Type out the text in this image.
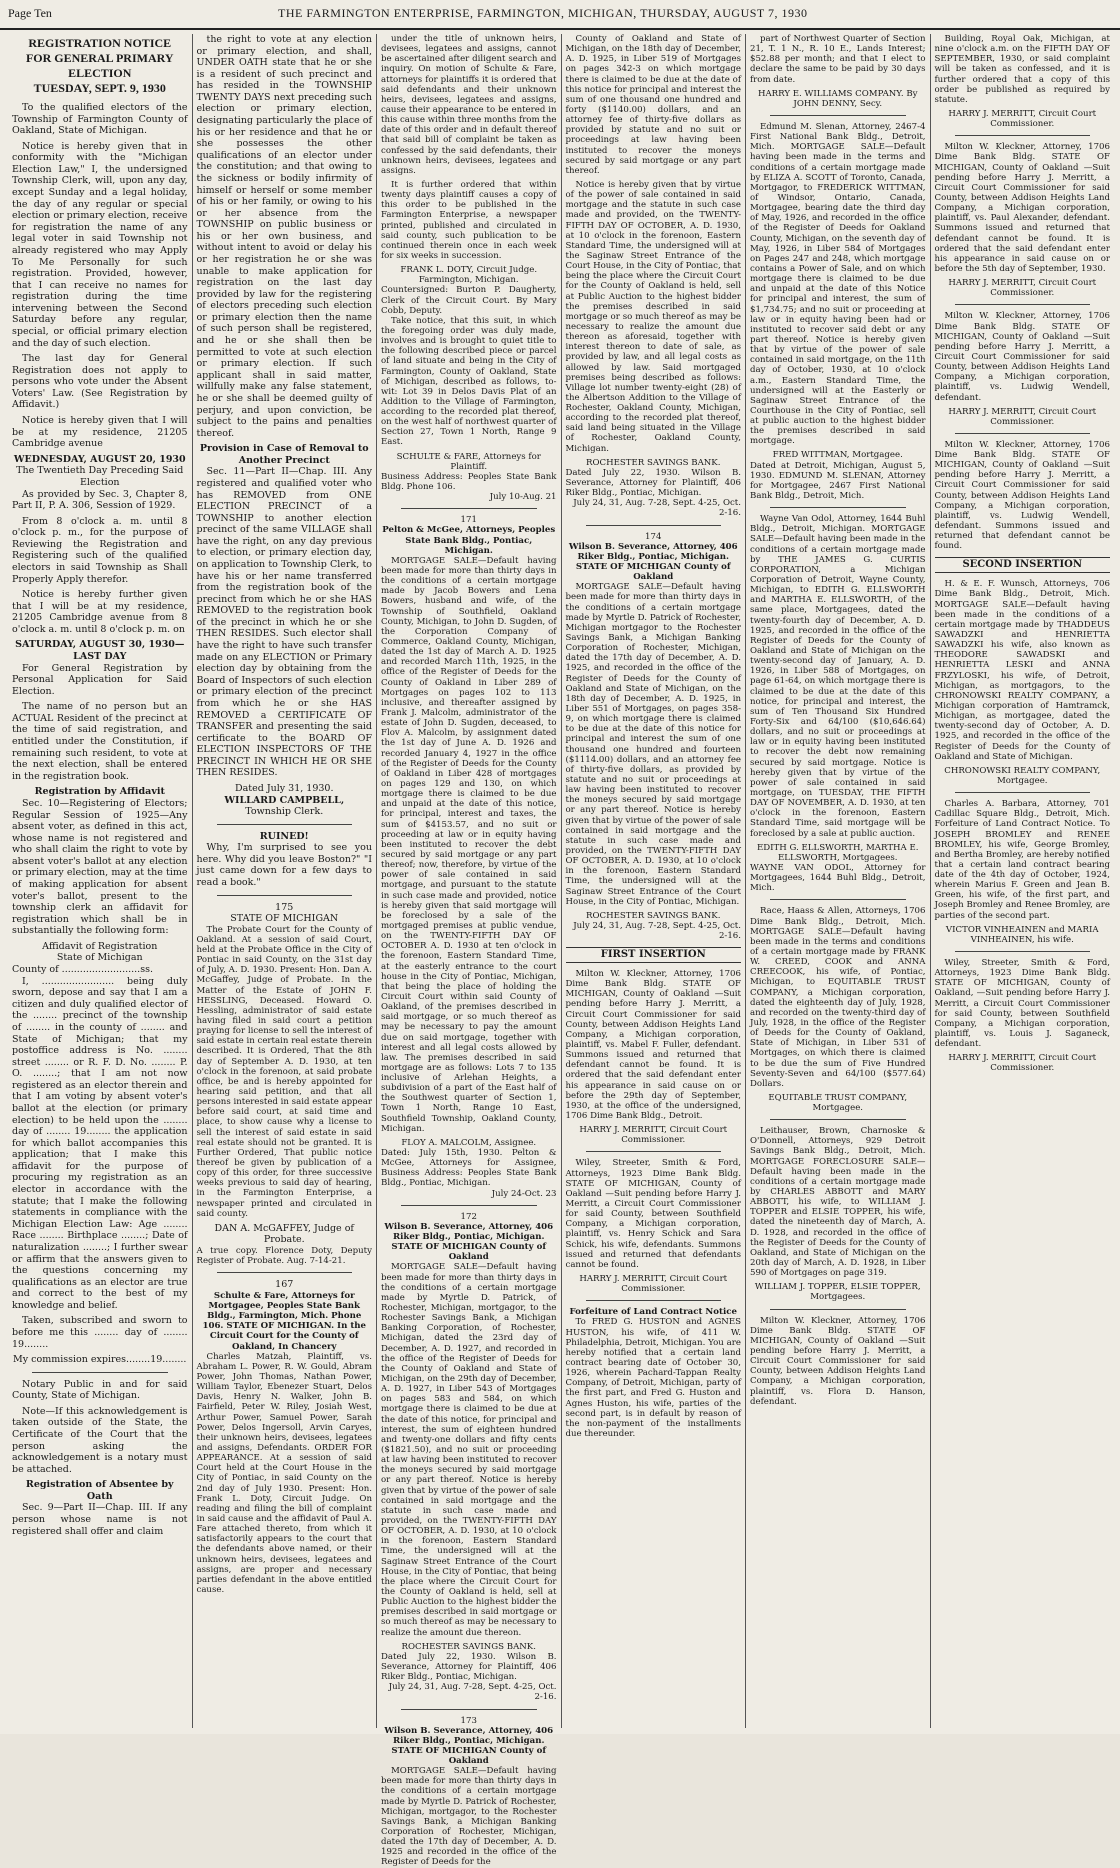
Page Ten	THE FARMINGTON ENTERPRISE, FARMINGTON, MICHIGAN, THURSDAY, AUGUST 7, 1930
REGISTRATION NOTICE
FOR GENERAL PRIMARY ELECTION
TUESDAY, SEPT. 9, 1930

To the qualified electors of the Township of Farmington County of Oakland, State of Michigan.

Notice is hereby given that in conformity with the "Michigan Election Law," I, the undersigned Township Clerk, will, upon any day, except Sunday and a legal holiday, the day of any regular or special election or primary election, receive for registration the name of any legal voter in said Township not already registered who may Apply To Me Personally for such registration. Provided, however, that I can receive no names for registration during the time intervening between the Second Saturday before any regular, special, or official primary election and the day of such election.

The last day for General Registration does not apply to persons who vote under the Absent Voters' Law. (See Registration by Affidavit.)

Notice is hereby given that I will be at my residence, 21205 Cambridge avenue

WEDNESDAY, AUGUST 20, 1930
The Twentieth Day Preceding Said Election

As provided by Sec. 3, Chapter 8, Part II, P. A. 306, Session of 1929.

From 8 o'clock a. m. until 8 o'clock p. m., for the purpose of Reviewing the Registration and Registering such of the qualified electors in said Township as Shall Properly Apply therefor.

Notice is hereby further given that I will be at my residence, 21205 Cambridge avenue from 8 o'clock a. m. until 8 o'clock p. m. on

SATURDAY, AUGUST 30, 1930—LAST DAY

For General Registration by Personal Application for Said Election.

The name of no person but an ACTUAL Resident of the precinct at the time of said registration, and entitled under the Constitution, if remaining such resident, to vote at the next election, shall be entered in the registration book.

Registration by Affidavit

Sec. 10—Registering of Electors; Regular Session of 1925—Any absent voter, as defined in this act, whose name is not registered and who shall claim the right to vote by absent voter's ballot at any election or primary election, may at the time of making application for absent voter's ballot, present to the township clerk an affidavit for registration which shall be in substantially the following form:

Affidavit of Registration
State of Michigan
County of ..........................ss.

I, ........................ being duly sworn, depose and say that I am a citizen and duly qualified elector of the ........ precinct of the township of ........ in the county of ........ and State of Michigan; that my postoffice address is No. ........ street ........ or R. F. D. No. ........ P. O. ........; that I am not now registered as an elector therein and that I am voting by absent voter's ballot at the election (or primary election) to be held upon the ........ day of ........ 19........ the application for which ballot accompanies this application; that I make this affidavit for the purpose of procuring my registration as an elector in accordance with the statute; that I make the following statements in compliance with the Michigan Election Law: Age ........ Race ........ Birthplace ........; Date of naturalization ........; I further swear or affirm that the answers given to the questions concerning my qualifications as an elector are true and correct to the best of my knowledge and belief.

Taken, subscribed and sworn to before me this ........ day of ........ 19........

My commission expires........19........

Notary Public in and for said County, State of Michigan.

Note—If this acknowledgement is taken outside of the State, the Certificate of the Court that the person asking the acknowledgement is a notary must be attached.

Registration of Absentee by Oath

Sec. 9—Part II—Chap. III. If any person whose name is not registered shall offer and claim

the right to vote at any election or primary election, and shall, UNDER OATH state that he or she is a resident of such precinct and has resided in the TOWNSHIP TWENTY DAYS next preceding such election or primary election, designating particularly the place of his or her residence and that he or she possesses the other qualifications of an elector under the constitution; and that owing to the sickness or bodily infirmity of himself or herself or some member of his or her family, or owing to his or her absence from the TOWNSHIP on public business or his or her own business, and without intent to avoid or delay his or her registration he or she was unable to make application for registration on the last day provided by law for the registering of electors preceding such election or primary election then the name of such person shall be registered, and he or she shall then be permitted to vote at such election or primary election. If such applicant shall in said matter, willfully make any false statement, he or she shall be deemed guilty of perjury, and upon conviction, be subject to the pains and penalties thereof.

Provision in Case of Removal to Another Precinct

Sec. 11—Part II—Chap. III. Any registered and qualified voter who has REMOVED from ONE ELECTION PRECINCT of a TOWNSHIP to another election precinct of the same VILLAGE shall have the right, on any day previous to election, or primary election day, on application to Township Clerk, to have his or her name transferred from the registration book of the precinct from which he or she HAS REMOVED to the registration book of the precinct in which he or she THEN RESIDES. Such elector shall have the right to have such transfer made on any ELECTION or Primary election day by obtaining from the Board of Inspectors of such election or primary election of the precinct from which he or she HAS REMOVED a CERTIFICATE OF TRANSFER and presenting the said certificate to the BOARD OF ELECTION INSPECTORS OF THE PRECINCT IN WHICH HE OR SHE THEN RESIDES.

Dated July 31, 1930.
WILLARD CAMPBELL,
Township Clerk.
RUINED!

Why, I'm surprised to see you here. Why did you leave Boston?" "I just came down for a few days to read a book."

175
STATE OF MICHIGAN

The Probate Court for the County of Oakland. At a session of said Court, held at the Probate Office in the City of Pontiac in said County, on the 31st day of July, A. D. 1930. Present: Hon. Dan A. McGaffey, Judge of Probate. In the Matter of the Estate of JOHN F. HESSLING, Deceased. Howard O. Hessling, administrator of said estate having filed in said court a petition praying for license to sell the interest of said estate in certain real estate therein described. It is Ordered, That the 8th day of September A. D. 1930, at ten o'clock in the forenoon, at said probate office, be and is hereby appointed for hearing said petition, and that all persons interested in said estate appear before said court, at said time and place, to show cause why a license to sell the interest of said estate in said real estate should not be granted. It is Further Ordered, That public notice thereof be given by publication of a copy of this order, for three successive weeks previous to said day of hearing, in the Farmington Enterprise, a newspaper printed and circulated in said county.

DAN A. McGAFFEY, Judge of Probate.
A true copy. Florence Doty, Deputy Register of Probate. Aug. 7-14-21.
167
Schulte & Fare, Attorneys for Mortgagee, Peoples State Bank Bldg., Farmington, Mich. Phone 106. STATE OF MICHIGAN. In the Circuit Court for the County of Oakland, In Chancery

Charles Matzah, Plaintiff, vs. Abraham L. Power, R. W. Gould, Abram Power, John Thomas, Nathan Power, William Taylor, Ebenezer Stuart, Delos Davis, Henry N. Walker, John B. Fairfield, Peter W. Riley, Josiah West, Arthur Power, Samuel Power, Sarah Power, Delos Ingersoll, Arvin Caryes, their unknown heirs, devisees, legatees and assigns, Defendants. ORDER FOR APPEARANCE. At a session of said Court held at the Court House in the City of Pontiac, in said County on the 2nd day of July 1930. Present: Hon. Frank L. Doty, Circuit Judge. On reading and filing the bill of complaint in said cause and the affidavit of Paul A. Fare attached thereto, from which it satisfactorily appears to the court that the defendants above named, or their unknown heirs, devisees, legatees and assigns, are proper and necessary parties defendant in the above entitled cause.

under the title of unknown heirs, devisees, legatees and assigns, cannot be ascertained after diligent search and inquiry. On motion of Schulte & Fare, attorneys for plaintiffs it is ordered that said defendants and their unknown heirs, devisees, legatees and assigns, cause their appearance to be entered in this cause within three months from the date of this order and in default thereof that said bill of complaint be taken as confessed by the said defendants, their unknown heirs, devisees, legatees and assigns.

It is further ordered that within twenty days plaintiff causes a copy of this order to be published in the Farmington Enterprise, a newspaper printed, published and circulated in said county, such publication to be continued therein once in each week for six weeks in succession.

FRANK L. DOTY, Circuit Judge. Farmington, Michigan.
Countersigned: Burton P. Daugherty, Clerk of the Circuit Court. By Mary Cobb, Deputy.

Take notice, that this suit, in which the foregoing order was duly made, involves and is brought to quiet title to the following described piece or parcel of land situate and being in the City of Farmington, County of Oakland, State of Michigan, described as follows, to-wit: Lot 39 in Delos Davis Plat of an Addition to the Village of Farmington, according to the recorded plat thereof, on the west half of northwest quarter of Section 27, Town 1 North, Range 9 East.

SCHULTE & FARE, Attorneys for Plaintiff.
Business Address: Peoples State Bank Bldg. Phone 106.
July 10-Aug. 21
171
Pelton & McGee, Attorneys, Peoples State Bank Bldg., Pontiac, Michigan.

MORTGAGE SALE—Default having been made for more than thirty days in the conditions of a certain mortgage made by Jacob Bowers and Lena Bowers, husband and wife, of the Township of Southfield, Oakland County, Michigan, to John D. Sugden, of the Corporation Company of Commerce, Oakland County, Michigan, dated the 1st day of March A. D. 1925 and recorded March 11th, 1925, in the office of the Register of Deeds for the County of Oakland in Liber 289 of Mortgages on pages 102 to 113 inclusive, and thereafter assigned by Frank J. Malcolm, administrator of the estate of John D. Sugden, deceased, to Flov A. Malcolm, by assignment dated the 1st day of June A. D. 1926 and recorded January 4, 1927 in the office of the Register of Deeds for the County of Oakland in Liber 428 of mortgages on pages 129 and 130, on which mortgage there is claimed to be due and unpaid at the date of this notice, for principal, interest and taxes, the sum of $4153.57, and no suit or proceeding at law or in equity having been instituted to recover the debt secured by said mortgage or any part thereof; now, therefore, by virtue of the power of sale contained in said mortgage, and pursuant to the statute in such case made and provided, notice is hereby given that said mortgage will be foreclosed by a sale of the mortgaged premises at public vendue, on the TWENTY-FIFTH DAY OF OCTOBER A. D. 1930 at ten o'clock in the forenoon, Eastern Standard Time, at the easterly entrance to the court house in the City of Pontiac, Michigan, that being the place of holding the Circuit Court within said County of Oakland, of the premises described in said mortgage, or so much thereof as may be necessary to pay the amount due on said mortgage, together with interest and all legal costs allowed by law. The premises described in said mortgage are as follows: Lots 7 to 135 inclusive of Arlehan Heights, a subdivision of a part of the East half of the Southwest quarter of Section 1, Town 1 North, Range 10 East, Southfield Township, Oakland County, Michigan.

FLOY A. MALCOLM, Assignee.
Dated: July 15th, 1930. Pelton & McGee, Attorneys for Assignee, Business Address: Peoples State Bank Bldg., Pontiac, Michigan.
July 24-Oct. 23
172
Wilson B. Severance, Attorney, 406 Riker Bldg., Pontiac, Michigan. STATE OF MICHIGAN County of Oakland

MORTGAGE SALE—Default having been made for more than thirty days in the conditions of a certain mortgage made by Myrtle D. Patrick, of Rochester, Michigan, mortgagor, to the Rochester Savings Bank, a Michigan Banking Corporation, of Rochester, Michigan, dated the 23rd day of December, A. D. 1927, and recorded in the office of the Register of Deeds for the County of Oakland and State of Michigan, on the 29th day of December, A. D. 1927, in Liber 543 of Mortgages on pages 583 and 584, on which mortgage there is claimed to be due at the date of this notice, for principal and interest, the sum of eighteen hundred and twenty-one dollars and fifty cents ($1821.50), and no suit or proceeding at law having been instituted to recover the moneys secured by said mortgage or any part thereof. Notice is hereby given that by virtue of the power of sale contained in said mortgage and the statute in such case made and provided, on the TWENTY-FIFTH DAY OF OCTOBER, A. D. 1930, at 10 o'clock in the forenoon, Eastern Standard Time, the undersigned will at the Saginaw Street Entrance of the Court House, in the City of Pontiac, that being the place where the Circuit Court for the County of Oakland is held, sell at Public Auction to the highest bidder the premises described in said mortgage or so much thereof as may be necessary to realize the amount due thereon.

ROCHESTER SAVINGS BANK.
Dated July 22, 1930. Wilson B. Severance, Attorney for Plaintiff, 406 Riker Bldg., Pontiac, Michigan.
July 24, 31, Aug. 7-28, Sept. 4-25, Oct. 2-16.
173
Wilson B. Severance, Attorney, 406 Riker Bldg., Pontiac, Michigan. STATE OF MICHIGAN County of Oakland

MORTGAGE SALE—Default having been made for more than thirty days in the conditions of a certain mortgage made by Myrtle D. Patrick of Rochester, Michigan, mortgagor, to the Rochester Savings Bank, a Michigan Banking Corporation of Rochester, Michigan, dated the 17th day of December, A. D. 1925 and recorded in the office of the Register of Deeds for the

County of Oakland and State of Michigan, on the 18th day of December, A. D. 1925, in Liber 519 of Mortgages on pages 342-3 on which mortgage there is claimed to be due at the date of this notice for principal and interest the sum of one thousand one hundred and forty ($1140.00) dollars, and an attorney fee of thirty-five dollars as provided by statute and no suit or proceedings at law having been instituted to recover the moneys secured by said mortgage or any part thereof.

Notice is hereby given that by virtue of the power of sale contained in said mortgage and the statute in such case made and provided, on the TWENTY-FIFTH DAY OF OCTOBER, A. D. 1930, at 10 o'clock in the forenoon, Eastern Standard Time, the undersigned will at the Saginaw Street Entrance of the Court House, in the City of Pontiac, that being the place where the Circuit Court for the County of Oakland is held, sell at Public Auction to the highest bidder the premises described in said mortgage or so much thereof as may be necessary to realize the amount due thereon as aforesaid, together with interest thereon to date of sale, as provided by law, and all legal costs as allowed by law. Said mortgaged premises being described as follows: Village lot number twenty-eight (28) of the Albertson Addition to the Village of Rochester, Oakland County, Michigan, according to the recorded plat thereof, said land being situated in the Village of Rochester, Oakland County, Michigan.

ROCHESTER SAVINGS BANK.
Dated July 22, 1930. Wilson B. Severance, Attorney for Plaintiff, 406 Riker Bldg., Pontiac, Michigan.
July 24, 31, Aug. 7-28, Sept. 4-25, Oct. 2-16.
174
Wilson B. Severance, Attorney, 406 Riker Bldg., Pontiac, Michigan. STATE OF MICHIGAN County of Oakland

MORTGAGE SALE—Default having been made for more than thirty days in the conditions of a certain mortgage made by Myrtle D. Patrick of Rochester, Michigan mortgagor to the Rochester Savings Bank, a Michigan Banking Corporation of Rochester, Michigan, dated the 17th day of December, A. D. 1925, and recorded in the office of the Register of Deeds for the County of Oakland and State of Michigan, on the 18th day of December, A. D. 1925, in Liber 551 of Mortgages, on pages 358-9, on which mortgage there is claimed to be due at the date of this notice for principal and interest the sum of one thousand one hundred and fourteen ($1114.00) dollars, and an attorney fee of thirty-five dollars, as provided by statute and no suit or proceedings at law having been instituted to recover the moneys secured by said mortgage or any part thereof. Notice is hereby given that by virtue of the power of sale contained in said mortgage and the statute in such case made and provided, on the TWENTY-FIFTH DAY OF OCTOBER, A. D. 1930, at 10 o'clock in the forenoon, Eastern Standard Time, the undersigned will at the Saginaw Street Entrance of the Court House, in the City of Pontiac, Michigan.

ROCHESTER SAVINGS BANK.
July 24, 31, Aug. 7-28, Sept. 4-25, Oct. 2-16.
FIRST INSERTION

Milton W. Kleckner, Attorney, 1706 Dime Bank Bldg. STATE OF MICHIGAN, County of Oakland —Suit pending before Harry J. Merritt, a Circuit Court Commissioner for said County, between Addison Heights Land Company, a Michigan corporation, plaintiff, vs. Mabel F. Fuller, defendant. Summons issued and returned that defendant cannot be found. It is ordered that the said defendant enter his appearance in said cause on or before the 29th day of September, 1930, at the office of the undersigned, 1706 Dime Bank Bldg., Detroit.

HARRY J. MERRITT, Circuit Court Commissioner.

Wiley, Streeter, Smith & Ford, Attorneys, 1923 Dime Bank Bldg. STATE OF MICHIGAN, County of Oakland —Suit pending before Harry J. Merritt, a Circuit Court Commissioner for said County, between Southfield Company, a Michigan corporation, plaintiff, vs. Henry Schick and Sara Schick, his wife, defendants. Summons issued and returned that defendants cannot be found.

HARRY J. MERRITT, Circuit Court Commissioner.
Forfeiture of Land Contract Notice

To FRED G. HUSTON and AGNES HUSTON, his wife, of 411 W. Philadelphia, Detroit, Michigan. You are hereby notified that a certain land contract bearing date of October 30, 1926, wherein Pachard-Tappan Realty Company, of Detroit, Michigan, party of the first part, and Fred G. Huston and Agnes Huston, his wife, parties of the second part, is in default by reason of the non-payment of the installments due thereunder.

part of Northwest Quarter of Section 21, T. 1 N., R. 10 E., Lands Interest; $52.88 per month; and that I elect to declare the same to be paid by 30 days from date.

HARRY E. WILLIAMS COMPANY. By JOHN DENNY, Secy.

Edmund M. Slenan, Attorney, 2467-4 First National Bank Bldg., Detroit, Mich. MORTGAGE SALE—Default having been made in the terms and conditions of a certain mortgage made by ELIZA A. SCOTT of Toronto, Canada, Mortgagor, to FREDERICK WITTMAN, of Windsor, Ontario, Canada, Mortgagee, bearing date the third day of May, 1926, and recorded in the office of the Register of Deeds for Oakland County, Michigan, on the seventh day of May, 1926, in Liber 584 of Mortgages on Pages 247 and 248, which mortgage contains a Power of Sale, and on which mortgage there is claimed to be due and unpaid at the date of this Notice for principal and interest, the sum of $1,734.75; and no suit or proceeding at law or in equity having been had or instituted to recover said debt or any part thereof. Notice is hereby given that by virtue of the power of sale contained in said mortgage, on the 11th day of October, 1930, at 10 o'clock a.m., Eastern Standard Time, the undersigned will at the Easterly or Saginaw Street Entrance of the Courthouse in the City of Pontiac, sell at public auction to the highest bidder the premises described in said mortgage.

FRED WITTMAN, Mortgagee.
Dated at Detroit, Michigan, August 5, 1930. EDMUND M. SLENAN, Attorney for Mortgagee, 2467 First National Bank Bldg., Detroit, Mich.

Wayne Van Odol, Attorney, 1644 Buhl Bldg., Detroit, Michigan. MORTGAGE SALE—Default having been made in the conditions of a certain mortgage made by THE JAMES G. CURTIS CORPORATION, a Michigan Corporation of Detroit, Wayne County, Michigan, to EDITH G. ELLSWORTH and MARTHA E. ELLSWORTH, of the same place, Mortgagees, dated the twenty-fourth day of December, A. D. 1925, and recorded in the office of the Register of Deeds for the County of Oakland and State of Michigan on the twenty-second day of January, A. D. 1926, in Liber 588 of Mortgages, on page 61-64, on which mortgage there is claimed to be due at the date of this notice, for principal and interest, the sum of Ten Thousand Six Hundred Forty-Six and 64/100 ($10,646.64) dollars, and no suit or proceedings at law or in equity having been instituted to recover the debt now remaining secured by said mortgage. Notice is hereby given that by virtue of the power of sale contained in said mortgage, on TUESDAY, THE FIFTH DAY OF NOVEMBER, A. D. 1930, at ten o'clock in the forenoon, Eastern Standard Time, said mortgage will be foreclosed by a sale at public auction.

EDITH G. ELLSWORTH, MARTHA E. ELLSWORTH, Mortgagees.
WAYNE VAN ODOL, Attorney for Mortgagees, 1644 Buhl Bldg., Detroit, Mich.

Race, Haass & Allen, Attorneys, 1706 Dime Bank Bldg., Detroit, Mich. MORTGAGE SALE—Default having been made in the terms and conditions of a certain mortgage made by FRANK W. CREED, COOK and ANNA CREECOOK, his wife, of Pontiac, Michigan, to EQUITABLE TRUST COMPANY, a Michigan corporation, dated the eighteenth day of July, 1928, and recorded on the twenty-third day of July, 1928, in the office of the Register of Deeds for the County of Oakland, State of Michigan, in Liber 531 of Mortgages, on which there is claimed to be due the sum of Five Hundred Seventy-Seven and 64/100 ($577.64) Dollars.

EQUITABLE TRUST COMPANY, Mortgagee.

Leithauser, Brown, Charnoske & O'Donnell, Attorneys, 929 Detroit Savings Bank Bldg., Detroit, Mich. MORTGAGE FORECLOSURE SALE—Default having been made in the conditions of a certain mortgage made by CHARLES ABBOTT and MARY ABBOTT, his wife, to WILLIAM J. TOPPER and ELSIE TOPPER, his wife, dated the nineteenth day of March, A. D. 1928, and recorded in the office of the Register of Deeds for the County of Oakland, and State of Michigan on the 20th day of March, A. D. 1928, in Liber 590 of Mortgages on page 319.

WILLIAM J. TOPPER, ELSIE TOPPER, Mortgagees.

Milton W. Kleckner, Attorney, 1706 Dime Bank Bldg. STATE OF MICHIGAN, County of Oakland —Suit pending before Harry J. Merritt, a Circuit Court Commissioner for said County, between Addison Heights Land Company, a Michigan corporation, plaintiff, vs. Flora D. Hanson, defendant.

Building, Royal Oak, Michigan, at nine o'clock a.m. on the FIFTH DAY OF SEPTEMBER, 1930, or said complaint will be taken as confessed, and it is further ordered that a copy of this order be published as required by statute.

HARRY J. MERRITT, Circuit Court Commissioner.

Milton W. Kleckner, Attorney, 1706 Dime Bank Bldg. STATE OF MICHIGAN, County of Oakland —Suit pending before Harry J. Merritt, a Circuit Court Commissioner for said County, between Addison Heights Land Company, a Michigan corporation, plaintiff, vs. Paul Alexander, defendant. Summons issued and returned that defendant cannot be found. It is ordered that the said defendant enter his appearance in said cause on or before the 5th day of September, 1930.

HARRY J. MERRITT, Circuit Court Commissioner.

Milton W. Kleckner, Attorney, 1706 Dime Bank Bldg. STATE OF MICHIGAN, County of Oakland —Suit pending before Harry J. Merritt, a Circuit Court Commissioner for said County, between Addison Heights Land Company, a Michigan corporation, plaintiff, vs. Ludwig Wendell, defendant.

HARRY J. MERRITT, Circuit Court Commissioner.

Milton W. Kleckner, Attorney, 1706 Dime Bank Bldg. STATE OF MICHIGAN, County of Oakland —Suit pending before Harry J. Merritt, a Circuit Court Commissioner for said County, between Addison Heights Land Company, a Michigan corporation, plaintiff, vs. Ludwig Wendell, defendant. Summons issued and returned that defendant cannot be found.

SECOND INSERTION

H. & E. F. Wunsch, Attorneys, 706 Dime Bank Bldg., Detroit, Mich. MORTGAGE SALE—Default having been made in the conditions of a certain mortgage made by THADDEUS SAWADZKI and HENRIETTA SAWADZKI his wife, also known as THEODORE SAWADSKI and HENRIETTA LESKI and ANNA FRZYLOSKI, his wife, of Detroit, Michigan, as mortgagors, to the CHRONOWSKI REALTY COMPANY, a Michigan corporation of Hamtramck, Michigan, as mortgagee, dated the twenty-second day of October, A. D. 1925, and recorded in the office of the Register of Deeds for the County of Oakland and State of Michigan.

CHRONOWSKI REALTY COMPANY, Mortgagee.

Charles A. Barbara, Attorney, 701 Cadillac Square Bldg., Detroit, Mich. Forfeiture of Land Contract Notice. To JOSEPH BROMLEY and RENEE BROMLEY, his wife, George Bromley, and Bertha Bromley, are hereby notified that a certain land contract bearing date of the 4th day of October, 1924, wherein Marius F. Green and Jean B. Green, his wife, of the first part, and Joseph Bromley and Renee Bromley, are parties of the second part.

VICTOR VINHEAINEN and MARIA VINHEAINEN, his wife.

Wiley, Streeter, Smith & Ford, Attorneys, 1923 Dime Bank Bldg. STATE OF MICHIGAN, County of Oakland, —Suit pending before Harry J. Merritt, a Circuit Court Commissioner for said County, between Southfield Company, a Michigan corporation, plaintiff, vs. Louis J. Saganeck, defendant.

HARRY J. MERRITT, Circuit Court Commissioner.
